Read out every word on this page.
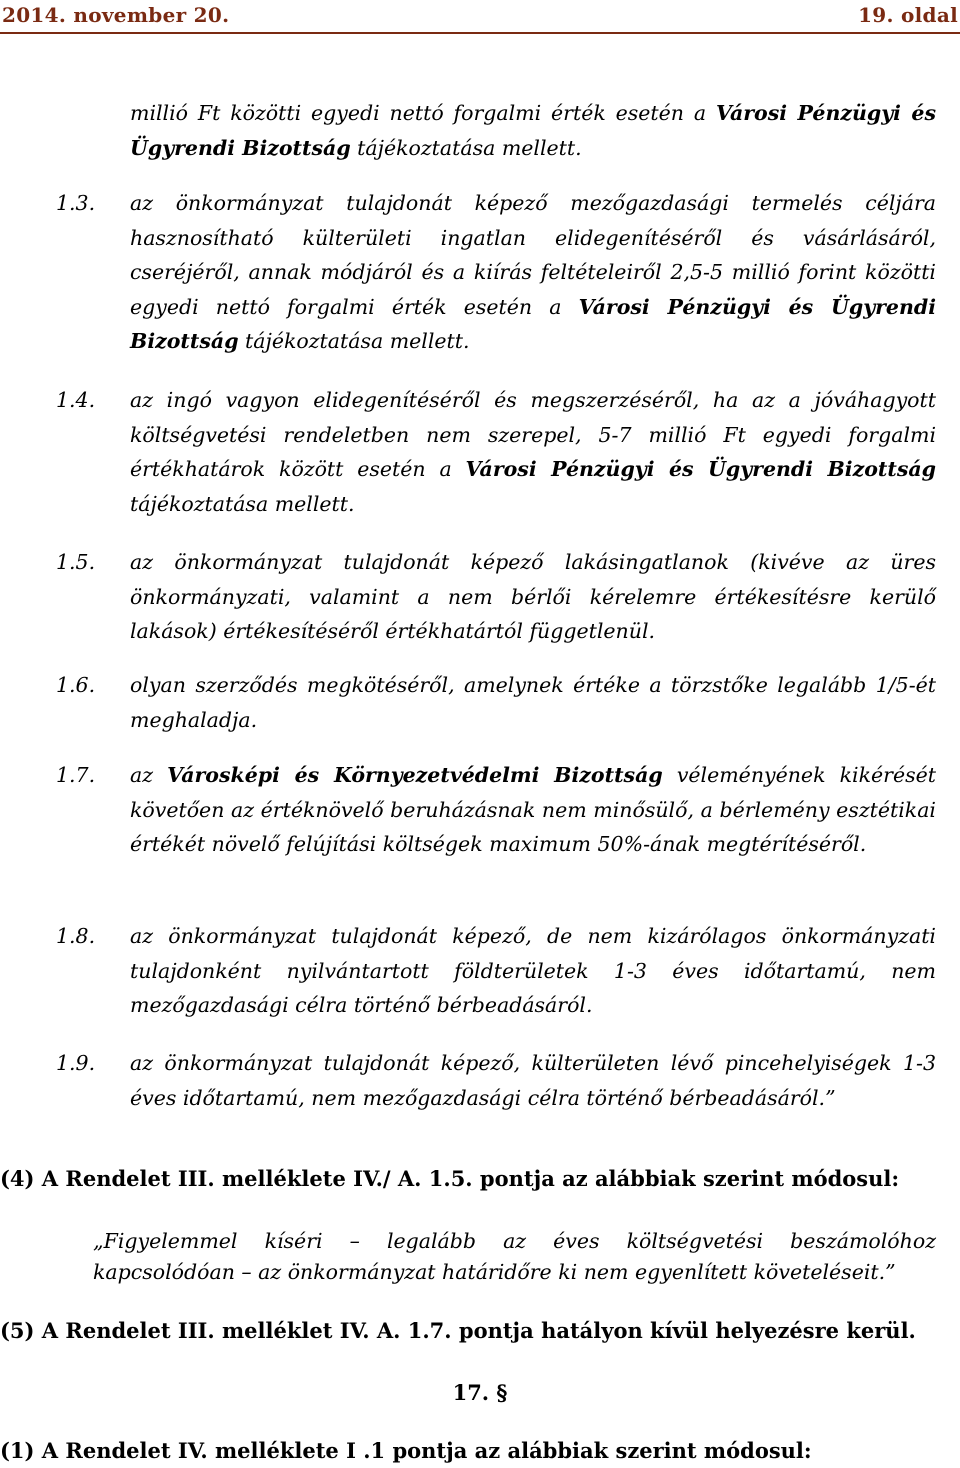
2014. november 20.	19. oldal
millió Ft közötti egyedi nettó forgalmi érték esetén a Városi Pénzügyi és Ügyrendi Bizottság tájékoztatása mellett.
1.3. az önkormányzat tulajdonát képező mezőgazdasági termelés céljára hasznosítható külterületi ingatlan elidegenítéséről és vásárlásáról, cseréjéről, annak módjáról és a kiírás feltételeiről 2,5-5 millió forint közötti egyedi nettó forgalmi érték esetén a Városi Pénzügyi és Ügyrendi Bizottság tájékoztatása mellett.
1.4. az ingó vagyon elidegenítéséről és megszerzéséről, ha az a jóváhagyott költségvetési rendeletben nem szerepel, 5-7 millió Ft egyedi forgalmi értékhatárok között esetén a Városi Pénzügyi és Ügyrendi Bizottság tájékoztatása mellett.
1.5. az önkormányzat tulajdonát képező lakásingatlanok (kivéve az üres önkormányzati, valamint a nem bérlői kérelemre értékesítésre kerülő lakások) értékesítéséről értékhatártól függetlenül.
1.6. olyan szerződés megkötéséről, amelynek értéke a törzstőke legalább 1/5-ét meghaladja.
1.7. az Városképi és Környezetvédelmi Bizottság véleményének kikérését követően az értéknövelő beruházásnak nem minősülő, a bérlemény esztétikai értékét növelő felújítási költségek maximum 50%-ának megtérítéséről.
1.8. az önkormányzat tulajdonát képező, de nem kizárólagos önkormányzati tulajdonként nyilvántartott földterületek 1-3 éves időtartamú, nem mezőgazdasági célra történő bérbeadásáról.
1.9. az önkormányzat tulajdonát képező, külterületen lévő pincehelyiségek 1-3 éves időtartamú, nem mezőgazdasági célra történő bérbeadásáról.”
(4) A Rendelet III. melléklete IV./ A. 1.5. pontja az alábbiak szerint módosul:
„Figyelemmel kíséri – legalább az éves költségvetési beszámolóhoz kapcsolódóan – az önkormányzat határidőre ki nem egyenlített követeléseit.”
(5) A Rendelet III. melléklet IV. A. 1.7. pontja hatályon kívül helyezésre kerül.
17. §
(1) A Rendelet IV. melléklete I .1 pontja az alábbiak szerint módosul:
